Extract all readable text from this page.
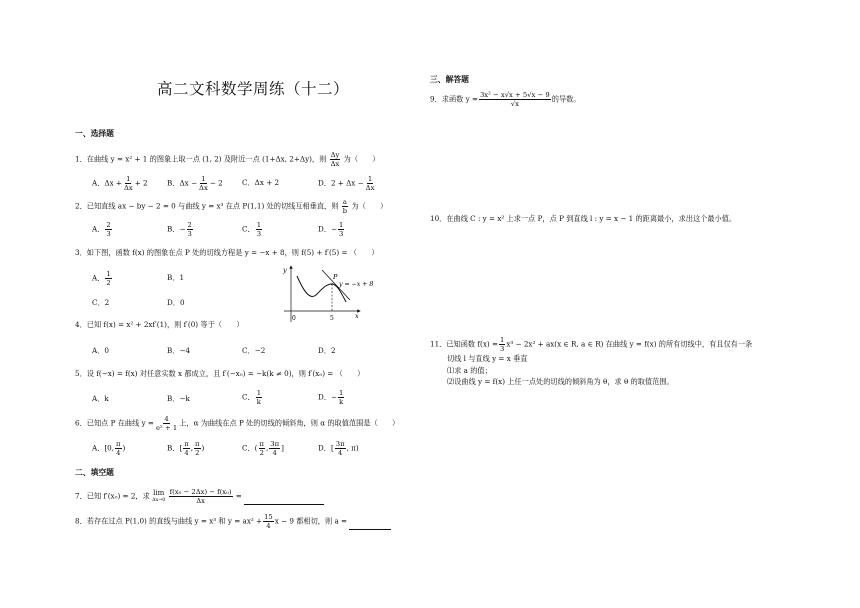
高二文科数学周练（十二）
一、选择题
1．在曲线 y = x² + 1 的图象上取一点 (1, 2) 及附近一点 (1+Δx, 2+Δy)，则 $\frac{\Delta y}{\Delta x}$ 为（　　）
A．$\Delta x + \frac{1}{\Delta x} + 2$	B．$\Delta x - \frac{1}{\Delta x} - 2$	C．Δx + 2	D．$2 + \Delta x - \frac{1}{\Delta x}$
2．已知直线 ax − by − 2 = 0 与曲线 y = x³ 在点 P(1,1) 处的切线互相垂直，则 $\frac{a}{b}$ 为（　　）
A． $\frac{2}{3}$	B．− $\frac{2}{3}$	C． $\frac{1}{3}$	D．− $\frac{1}{3}$
3．如下图，函数 f(x) 的图象在点 P 处的切线方程是 y = −x + 8，则 f(5) + f′(5) = （　　）
A． $\frac{1}{2}$	B．1
C．2	D．0
y
x
0	5
P
y = −x + 8
4．已知 f(x) = x² + 2xf′(1)，则 f′(0) 等于（　　）
A．0	B．−4	C．−2	D．2
5．设 f(−x) = f(x) 对任意实数 x 都成立，且 f′(−x₀) = −k(k ≠ 0)，则 f′(x₀) = （　　）
A．k	B．−k	C． $\frac{1}{k}$	D．− $\frac{1}{k}$
6．已知点 P 在曲线 $y = \frac{4}{\text{eˣ + 1}}$ 上，α 为曲线在点 P 处的切线的倾斜角，则 α 的取值范围是（　　）
A．[0, $\frac{\pi}{4}$ )	B．[ $\frac{\pi}{4}$ , $\frac{\pi}{2}$ )	C．( $\frac{\pi}{2}$ , $\frac{3\pi}{4}$ ]	D．[ $\frac{3\pi}{4}$ , π)
二、填空题
7．已知 f′(x₀) = 2，求 lim
Δx→0
$\frac{\text{f(x₀ − 2Δx) − f(x₀)}}{\Delta x}$ =
8．若存在过点 P(1,0) 的直线与曲线 y = x³ 和 $y = ax^2 + \frac{15}{4}$ x − 9 都相切，则 a =
三、解答题
9．求函数 $y = \frac{\text{3x² − x√x + 5√x − 9}}{√x}$ 的导数。
10．在曲线 C : y = x² 上求一点 P，点 P 到直线 l : y = x − 1 的距离最小，求出这个最小值。
11．已知函数 $f(x) = \frac{1}{3} x^3 - 2x^2 + ax(x$ ∈ R, a ∈ R) 在曲线 y = f(x) 的所有切线中，有且仅有一条
切线 l 与直线 y = x 垂直
⑴求 a 的值；
⑵设曲线 y = f(x) 上任一点处的切线的倾斜角为 θ，求 θ 的取值范围。
